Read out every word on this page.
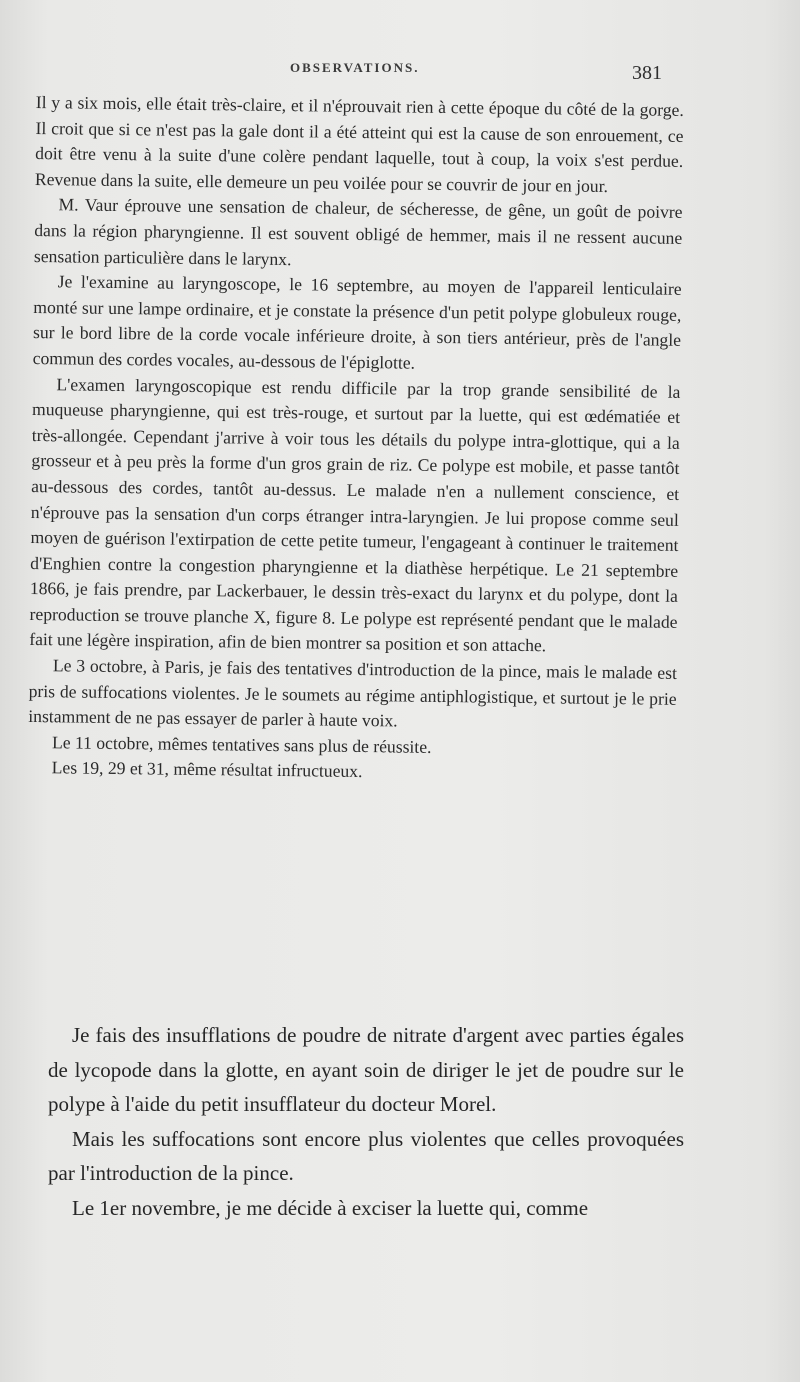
OBSERVATIONS.	381

Il y a six mois, elle était très-claire, et il n'éprouvait rien à cette époque du côté de la gorge. Il croit que si ce n'est pas la gale dont il a été atteint qui est la cause de son enrouement, ce doit être venu à la suite d'une colère pendant laquelle, tout à coup, la voix s'est perdue. Revenue dans la suite, elle demeure un peu voilée pour se couvrir de jour en jour.

M. Vaur éprouve une sensation de chaleur, de sécheresse, de gêne, un goût de poivre dans la région pharyngienne. Il est souvent obligé de hemmer, mais il ne ressent aucune sensation particulière dans le larynx.

Je l'examine au laryngoscope, le 16 septembre, au moyen de l'appareil lenticulaire monté sur une lampe ordinaire, et je constate la présence d'un petit polype globuleux rouge, sur le bord libre de la corde vocale inférieure droite, à son tiers antérieur, près de l'angle commun des cordes vocales, au-dessous de l'épiglotte.

L'examen laryngoscopique est rendu difficile par la trop grande sensibilité de la muqueuse pharyngienne, qui est très-rouge, et surtout par la luette, qui est œdématiée et très-allongée. Cependant j'arrive à voir tous les détails du polype intra-glottique, qui a la grosseur et à peu près la forme d'un gros grain de riz. Ce polype est mobile, et passe tantôt au-dessous des cordes, tantôt au-dessus. Le malade n'en a nullement conscience, et n'éprouve pas la sensation d'un corps étranger intra-laryngien. Je lui propose comme seul moyen de guérison l'extirpation de cette petite tumeur, l'engageant à continuer le traitement d'Enghien contre la congestion pharyngienne et la diathèse herpétique. Le 21 septembre 1866, je fais prendre, par Lackerbauer, le dessin très-exact du larynx et du polype, dont la reproduction se trouve planche X, figure 8. Le polype est représenté pendant que le malade fait une légère inspiration, afin de bien montrer sa position et son attache.

Le 3 octobre, à Paris, je fais des tentatives d'introduction de la pince, mais le malade est pris de suffocations violentes. Je le soumets au régime antiphlogistique, et surtout je le prie instamment de ne pas essayer de parler à haute voix.

Le 11 octobre, mêmes tentatives sans plus de réussite.

Les 19, 29 et 31, même résultat infructueux.

Je fais des insufflations de poudre de nitrate d'argent avec parties égales de lycopode dans la glotte, en ayant soin de diriger le jet de poudre sur le polype à l'aide du petit insufflateur du docteur Morel.

Mais les suffocations sont encore plus violentes que celles provoquées par l'introduction de la pince.

Le 1er novembre, je me décide à exciser la luette qui, comme
